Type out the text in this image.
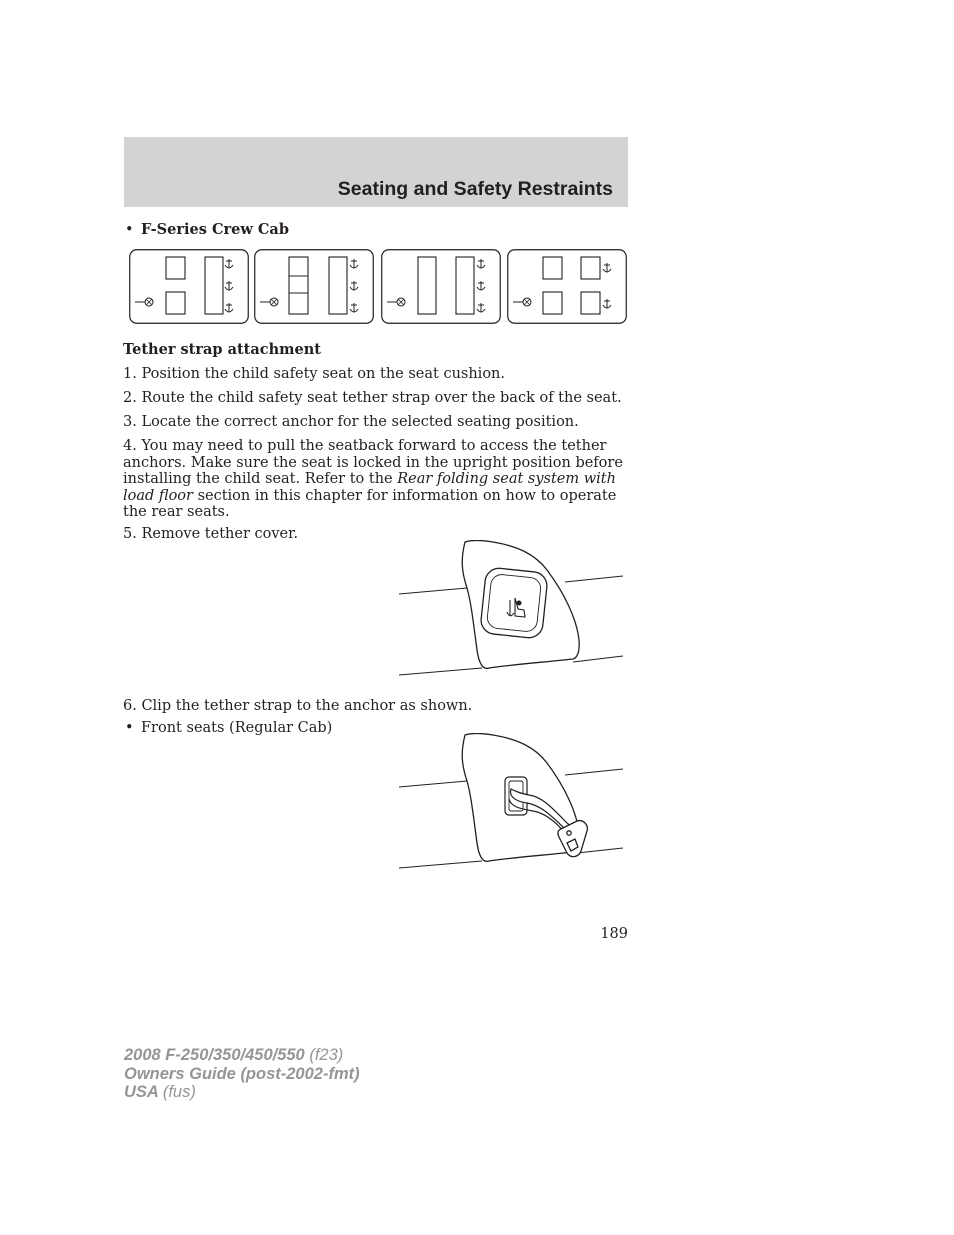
Seating and Safety Restraints
• F-Series Crew Cab

Tether strap attachment

1. Position the child safety seat on the seat cushion.

2. Route the child safety seat tether strap over the back of the seat.

3. Locate the correct anchor for the selected seating position.

4. You may need to pull the seatback forward to access the tether anchors. Make sure the seat is locked in the upright position before installing the child seat. Refer to the Rear folding seat system with load floor section in this chapter for information on how to operate the rear seats.

5. Remove tether cover.

6. Clip the tether strap to the anchor as shown.

• Front seats (Regular Cab)
189
2008 F-250/350/450/550 (f23)
Owners Guide (post-2002-fmt)
USA (fus)
